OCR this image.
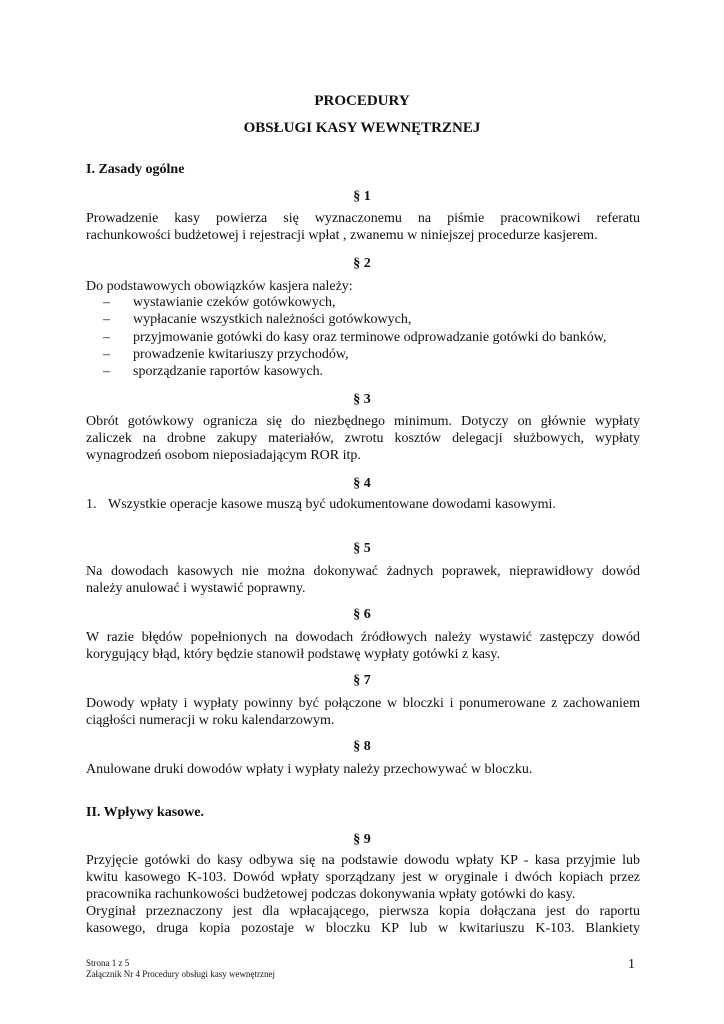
PROCEDURY
OBSŁUGI KASY WEWNĘTRZNEJ
I. Zasady ogólne
§ 1
Prowadzenie kasy powierza się wyznaczonemu na piśmie pracownikowi referatu
rachunkowości budżetowej i rejestracji wpłat , zwanemu w niniejszej procedurze kasjerem.
§ 2
Do podstawowych obowiązków kasjera należy:
– wystawianie czeków gotówkowych,
– wypłacanie wszystkich należności gotówkowych,
– przyjmowanie gotówki do kasy oraz terminowe odprowadzanie gotówki do banków,
– prowadzenie kwitariuszy przychodów,
– sporządzanie raportów kasowych.
§ 3
Obrót gotówkowy ogranicza się do niezbędnego minimum. Dotyczy on głównie wypłaty
zaliczek na drobne zakupy materiałów, zwrotu kosztów delegacji służbowych, wypłaty
wynagrodzeń osobom nieposiadającym ROR itp.
§ 4
1. Wszystkie operacje kasowe muszą być udokumentowane dowodami kasowymi.
§ 5
Na dowodach kasowych nie można dokonywać żadnych poprawek, nieprawidłowy dowód
należy anulować i wystawić poprawny.
§ 6
W razie błędów popełnionych na dowodach źródłowych należy wystawić zastępczy dowód
korygujący błąd, który będzie stanowił podstawę wypłaty gotówki z kasy.
§ 7
Dowody wpłaty i wypłaty powinny być połączone w bloczki i ponumerowane z zachowaniem
ciągłości numeracji w roku kalendarzowym.
§ 8
Anulowane druki dowodów wpłaty i wypłaty należy przechowywać w bloczku.
II. Wpływy kasowe.
§ 9
Przyjęcie gotówki do kasy odbywa się na podstawie dowodu wpłaty KP - kasa przyjmie lub
kwitu kasowego K-103. Dowód wpłaty sporządzany jest w oryginale i dwóch kopiach przez
pracownika rachunkowości budżetowej podczas dokonywania wpłaty gotówki do kasy.
Oryginał przeznaczony jest dla wpłacającego, pierwsza kopia dołączana jest do raportu
kasowego, druga kopia pozostaje w bloczku KP lub w kwitariuszu K-103. Blankiety
Strona 1 z 5
Załącznik Nr 4 Procedury obsługi kasy wewnętrznej
1
